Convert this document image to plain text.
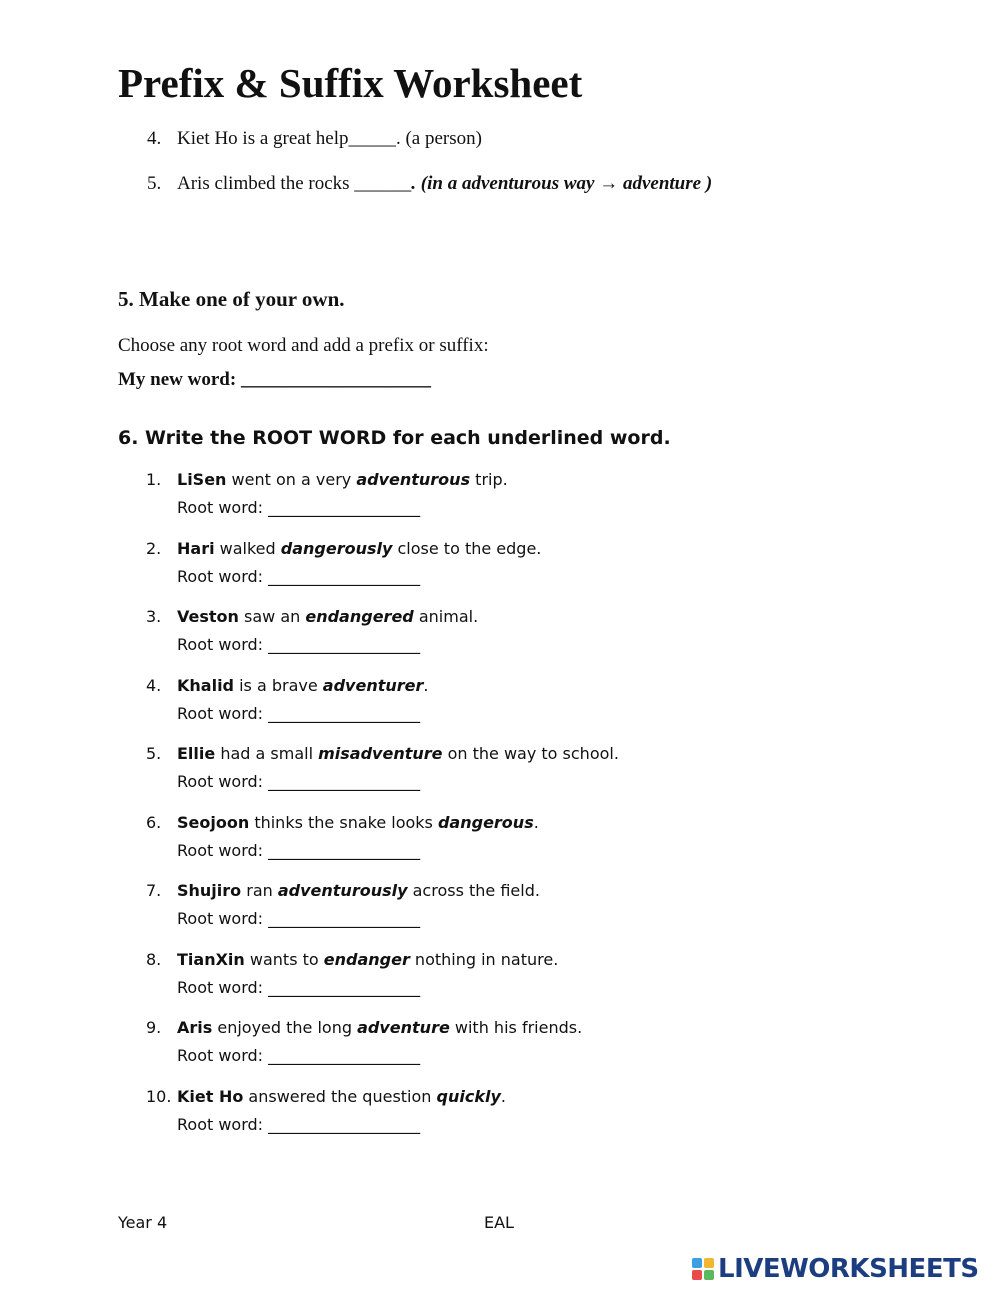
Prefix & Suffix Worksheet
4. Kiet Ho is a great help_____. (a person)
5. Aris climbed the rocks ______. (in a adventurous way → adventure )
5. Make one of your own.
Choose any root word and add a prefix or suffix:
My new word: ____________________
6. Write the ROOT WORD for each underlined word.
1. LiSen went on a very adventurous trip.
Root word: ___________________
2. Hari walked dangerously close to the edge.
Root word: ___________________
3. Veston saw an endangered animal.
Root word: ___________________
4. Khalid is a brave adventurer.
Root word: ___________________
5. Ellie had a small misadventure on the way to school.
Root word: ___________________
6. Seojoon thinks the snake looks dangerous.
Root word: ___________________
7. Shujiro ran adventurously across the field.
Root word: ___________________
8. TianXin wants to endanger nothing in nature.
Root word: ___________________
9. Aris enjoyed the long adventure with his friends.
Root word: ___________________
10. Kiet Ho answered the question quickly.
Root word: ___________________
Year 4	EAL
LIVEWORKSHEETS
